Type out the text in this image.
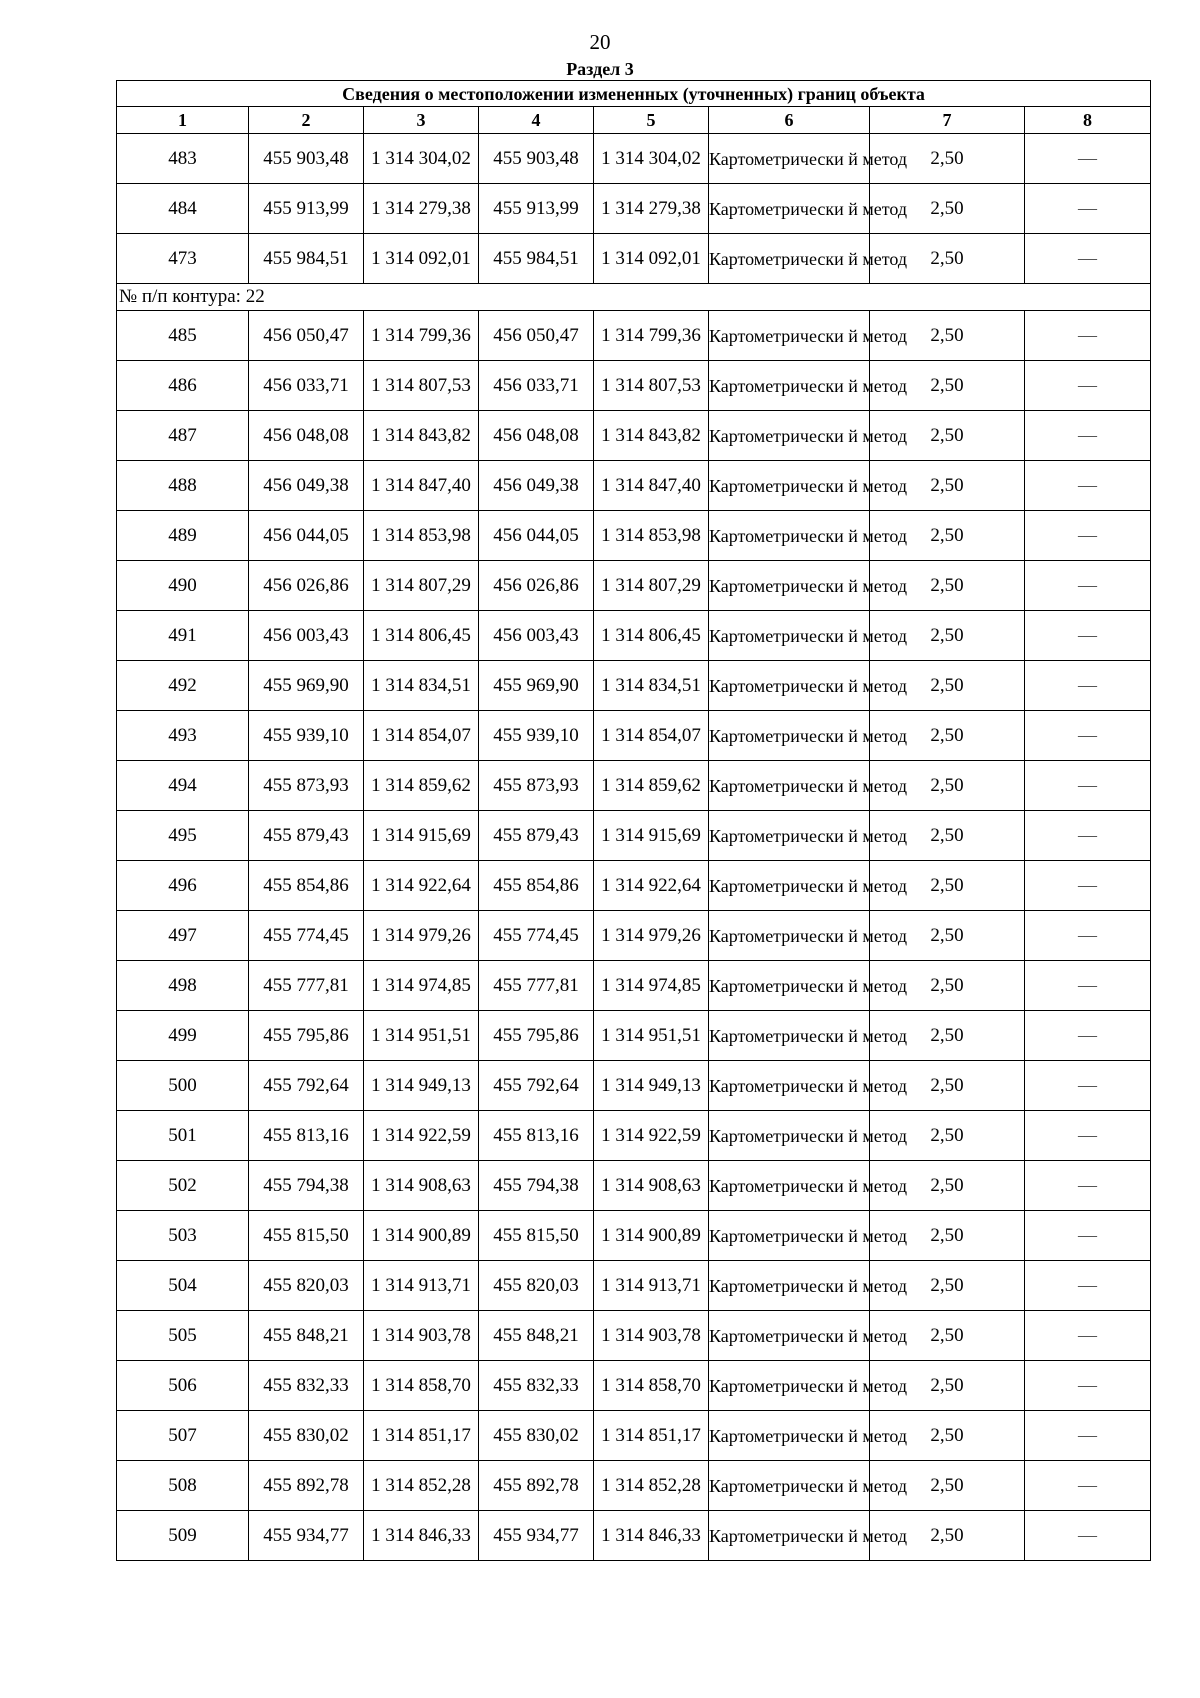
20
Раздел 3
Сведения о местоположении измененных (уточненных) границ объекта							
1	2	3	4	5	6	7	8
483	455 903,48	1 314 304,02	455 903,48	1 314 304,02	Картометрически й метод	2,50	—
484	455 913,99	1 314 279,38	455 913,99	1 314 279,38	Картометрически й метод	2,50	—
473	455 984,51	1 314 092,01	455 984,51	1 314 092,01	Картометрически й метод	2,50	—
№ п/п контура: 22							
485	456 050,47	1 314 799,36	456 050,47	1 314 799,36	Картометрически й метод	2,50	—
486	456 033,71	1 314 807,53	456 033,71	1 314 807,53	Картометрически й метод	2,50	—
487	456 048,08	1 314 843,82	456 048,08	1 314 843,82	Картометрически й метод	2,50	—
488	456 049,38	1 314 847,40	456 049,38	1 314 847,40	Картометрически й метод	2,50	—
489	456 044,05	1 314 853,98	456 044,05	1 314 853,98	Картометрически й метод	2,50	—
490	456 026,86	1 314 807,29	456 026,86	1 314 807,29	Картометрически й метод	2,50	—
491	456 003,43	1 314 806,45	456 003,43	1 314 806,45	Картометрически й метод	2,50	—
492	455 969,90	1 314 834,51	455 969,90	1 314 834,51	Картометрически й метод	2,50	—
493	455 939,10	1 314 854,07	455 939,10	1 314 854,07	Картометрически й метод	2,50	—
494	455 873,93	1 314 859,62	455 873,93	1 314 859,62	Картометрически й метод	2,50	—
495	455 879,43	1 314 915,69	455 879,43	1 314 915,69	Картометрически й метод	2,50	—
496	455 854,86	1 314 922,64	455 854,86	1 314 922,64	Картометрически й метод	2,50	—
497	455 774,45	1 314 979,26	455 774,45	1 314 979,26	Картометрически й метод	2,50	—
498	455 777,81	1 314 974,85	455 777,81	1 314 974,85	Картометрически й метод	2,50	—
499	455 795,86	1 314 951,51	455 795,86	1 314 951,51	Картометрически й метод	2,50	—
500	455 792,64	1 314 949,13	455 792,64	1 314 949,13	Картометрически й метод	2,50	—
501	455 813,16	1 314 922,59	455 813,16	1 314 922,59	Картометрически й метод	2,50	—
502	455 794,38	1 314 908,63	455 794,38	1 314 908,63	Картометрически й метод	2,50	—
503	455 815,50	1 314 900,89	455 815,50	1 314 900,89	Картометрически й метод	2,50	—
504	455 820,03	1 314 913,71	455 820,03	1 314 913,71	Картометрически й метод	2,50	—
505	455 848,21	1 314 903,78	455 848,21	1 314 903,78	Картометрически й метод	2,50	—
506	455 832,33	1 314 858,70	455 832,33	1 314 858,70	Картометрически й метод	2,50	—
507	455 830,02	1 314 851,17	455 830,02	1 314 851,17	Картометрически й метод	2,50	—
508	455 892,78	1 314 852,28	455 892,78	1 314 852,28	Картометрически й метод	2,50	—
509	455 934,77	1 314 846,33	455 934,77	1 314 846,33	Картометрически й метод	2,50	—
